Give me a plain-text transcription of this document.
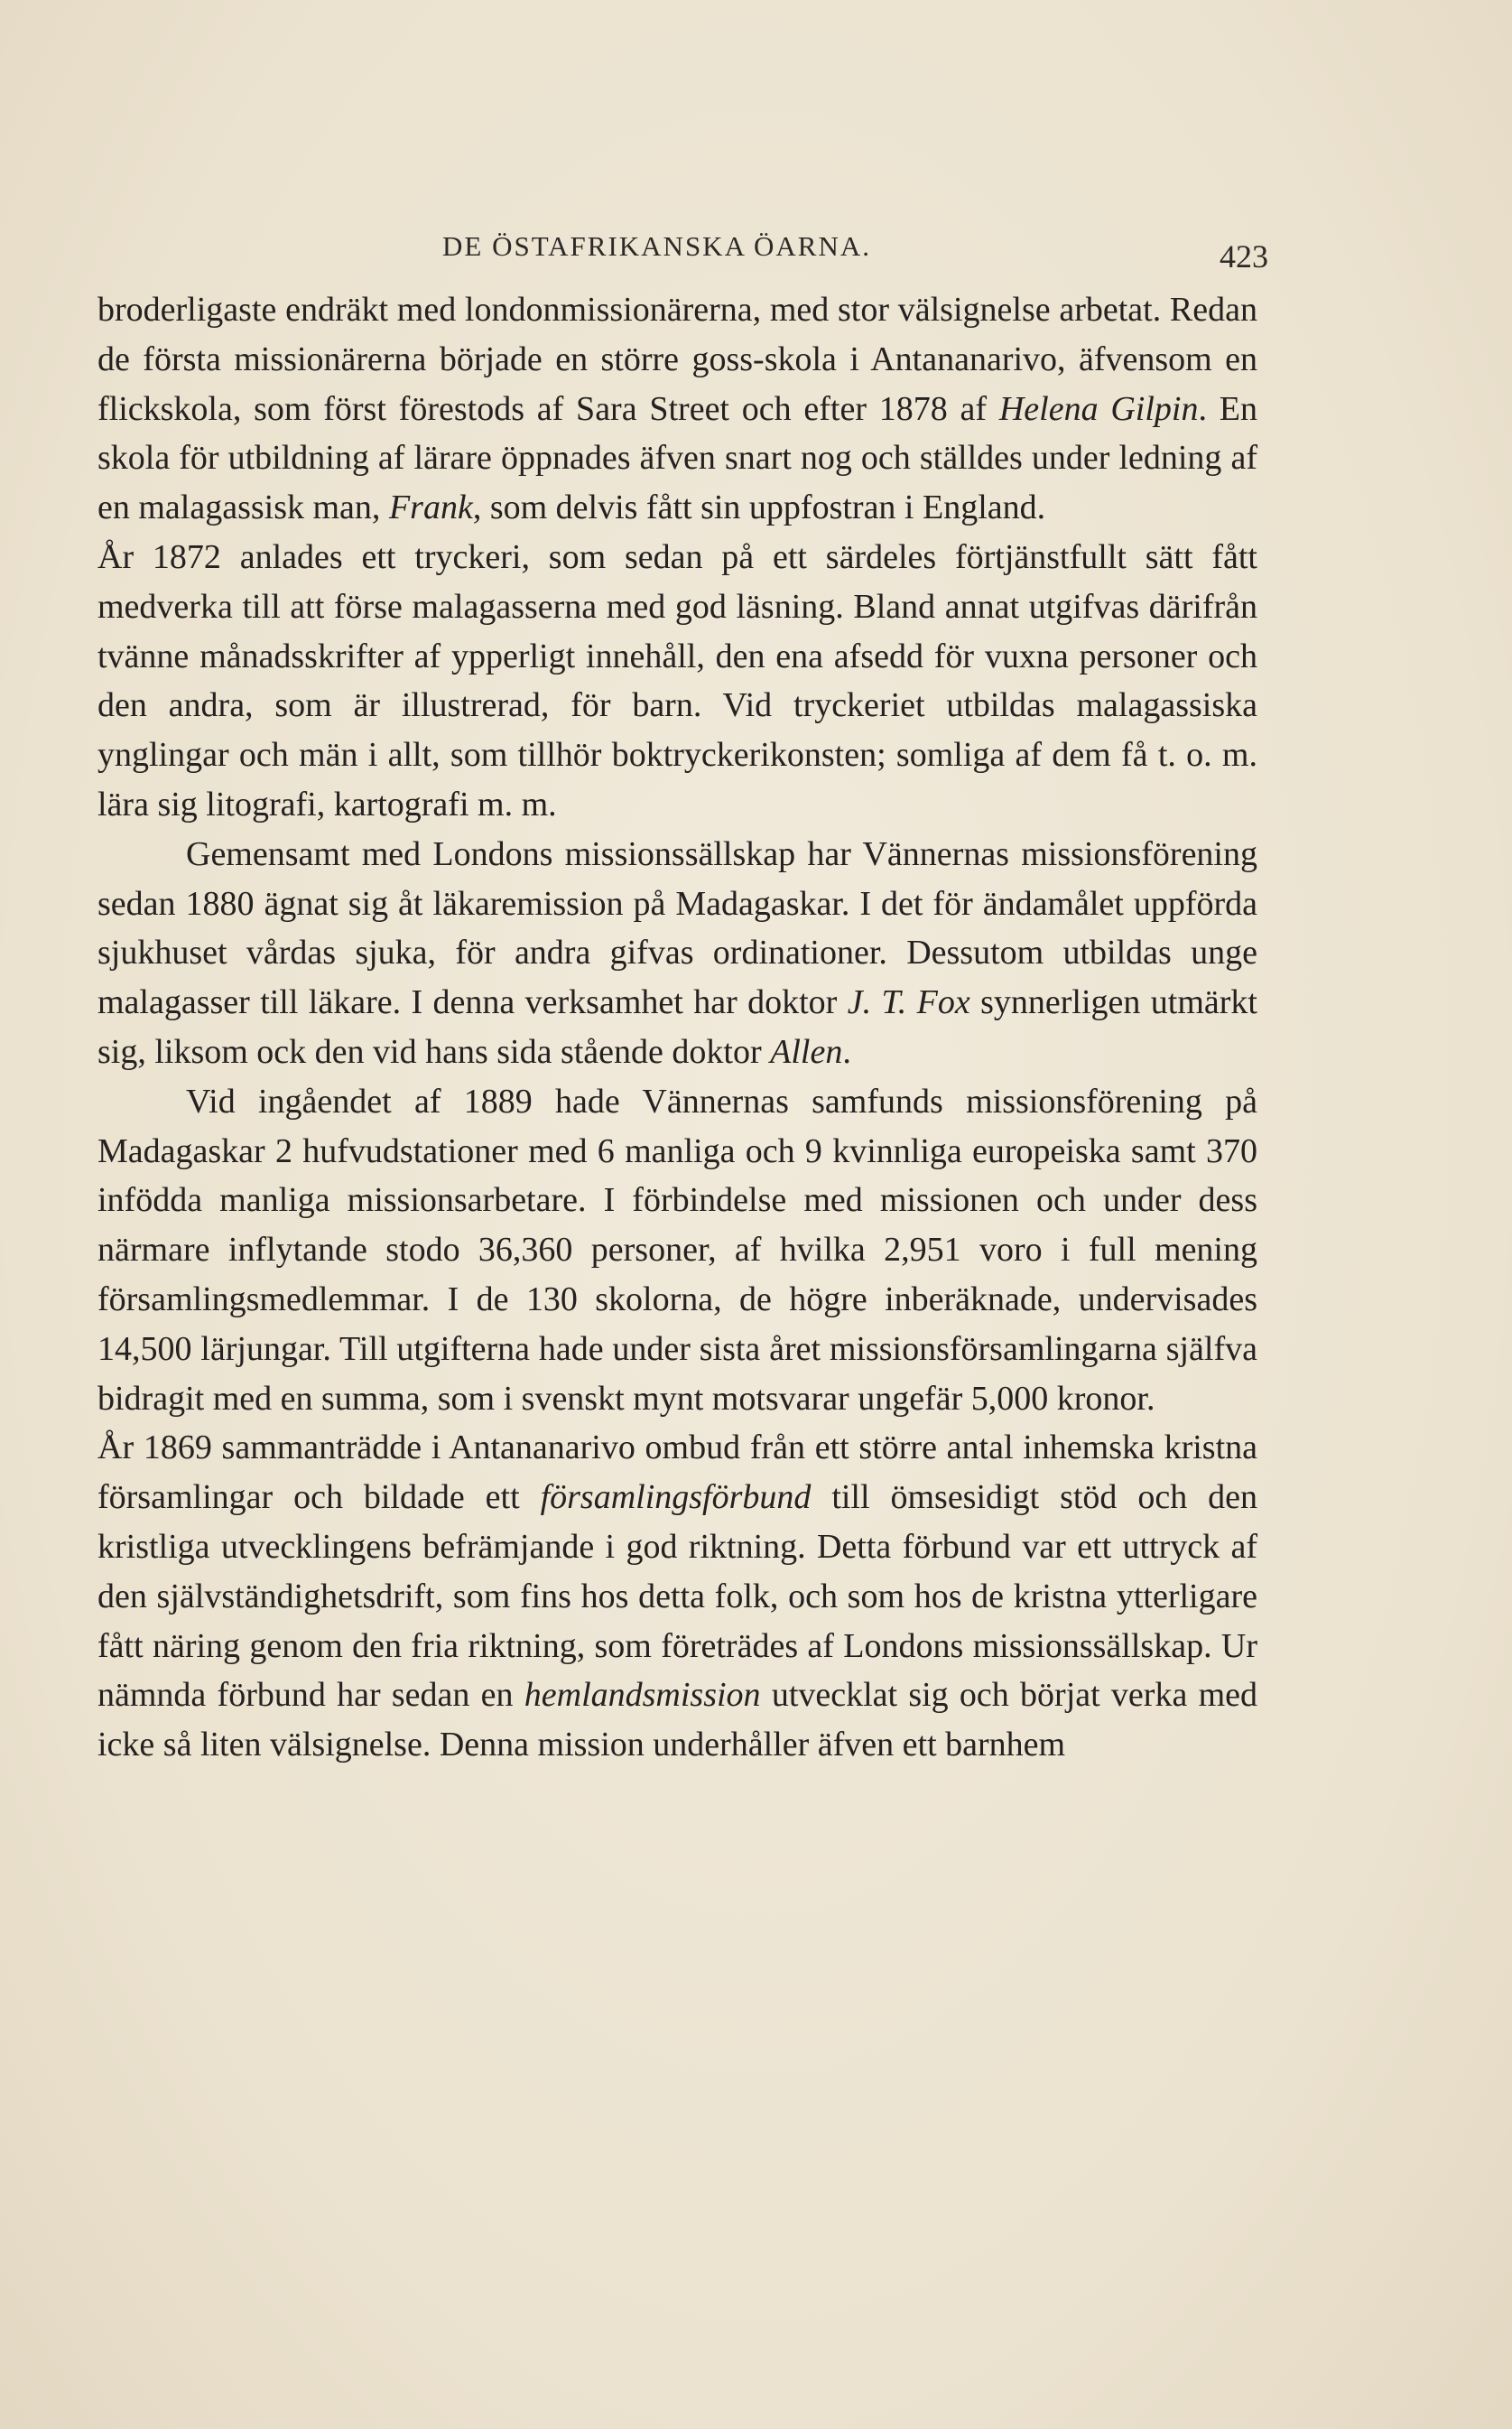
DE ÖSTAFRIKANSKA ÖARNA.	423

broderligaste endräkt med londonmissionärerna, med stor välsignelse arbetat. Redan de första missionärerna började en större goss-skola i Antananarivo, äfvensom en flickskola, som först förestods af Sara Street och efter 1878 af Helena Gilpin. En skola för utbildning af lärare öppnades äfven snart nog och ställdes under ledning af en malagassisk man, Frank, som delvis fått sin uppfostran i England.

År 1872 anlades ett tryckeri, som sedan på ett särdeles förtjänstfullt sätt fått medverka till att förse malagasserna med god läsning. Bland annat utgifvas därifrån tvänne månadsskrifter af ypperligt innehåll, den ena afsedd för vuxna personer och den andra, som är illustrerad, för barn. Vid tryckeriet utbildas malagassiska ynglingar och män i allt, som tillhör boktryckerikonsten; somliga af dem få t. o. m. lära sig litografi, kartografi m. m.

Gemensamt med Londons missionssällskap har Vännernas missionsförening sedan 1880 ägnat sig åt läkaremission på Madagaskar. I det för ändamålet uppförda sjukhuset vårdas sjuka, för andra gifvas ordinationer. Dessutom utbildas unge malagasser till läkare. I denna verksamhet har doktor J. T. Fox synnerligen utmärkt sig, liksom ock den vid hans sida stående doktor Allen.

Vid ingåendet af 1889 hade Vännernas samfunds missionsförening på Madagaskar 2 hufvudstationer med 6 manliga och 9 kvinnliga europeiska samt 370 infödda manliga missionsarbetare. I förbindelse med missionen och under dess närmare inflytande stodo 36,360 personer, af hvilka 2,951 voro i full mening församlingsmedlemmar. I de 130 skolorna, de högre inberäknade, undervisades 14,500 lärjungar. Till utgifterna hade under sista året missionsförsamlingarna själfva bidragit med en summa, som i svenskt mynt motsvarar ungefär 5,000 kronor.

År 1869 sammanträdde i Antananarivo ombud från ett större antal inhemska kristna församlingar och bildade ett församlingsförbund till ömsesidigt stöd och den kristliga utvecklingens befrämjande i god riktning. Detta förbund var ett uttryck af den självständighetsdrift, som fins hos detta folk, och som hos de kristna ytterligare fått näring genom den fria riktning, som företrädes af Londons missionssällskap. Ur nämnda förbund har sedan en hemlandsmission utvecklat sig och börjat verka med icke så liten välsignelse. Denna mission underhåller äfven ett barnhem
